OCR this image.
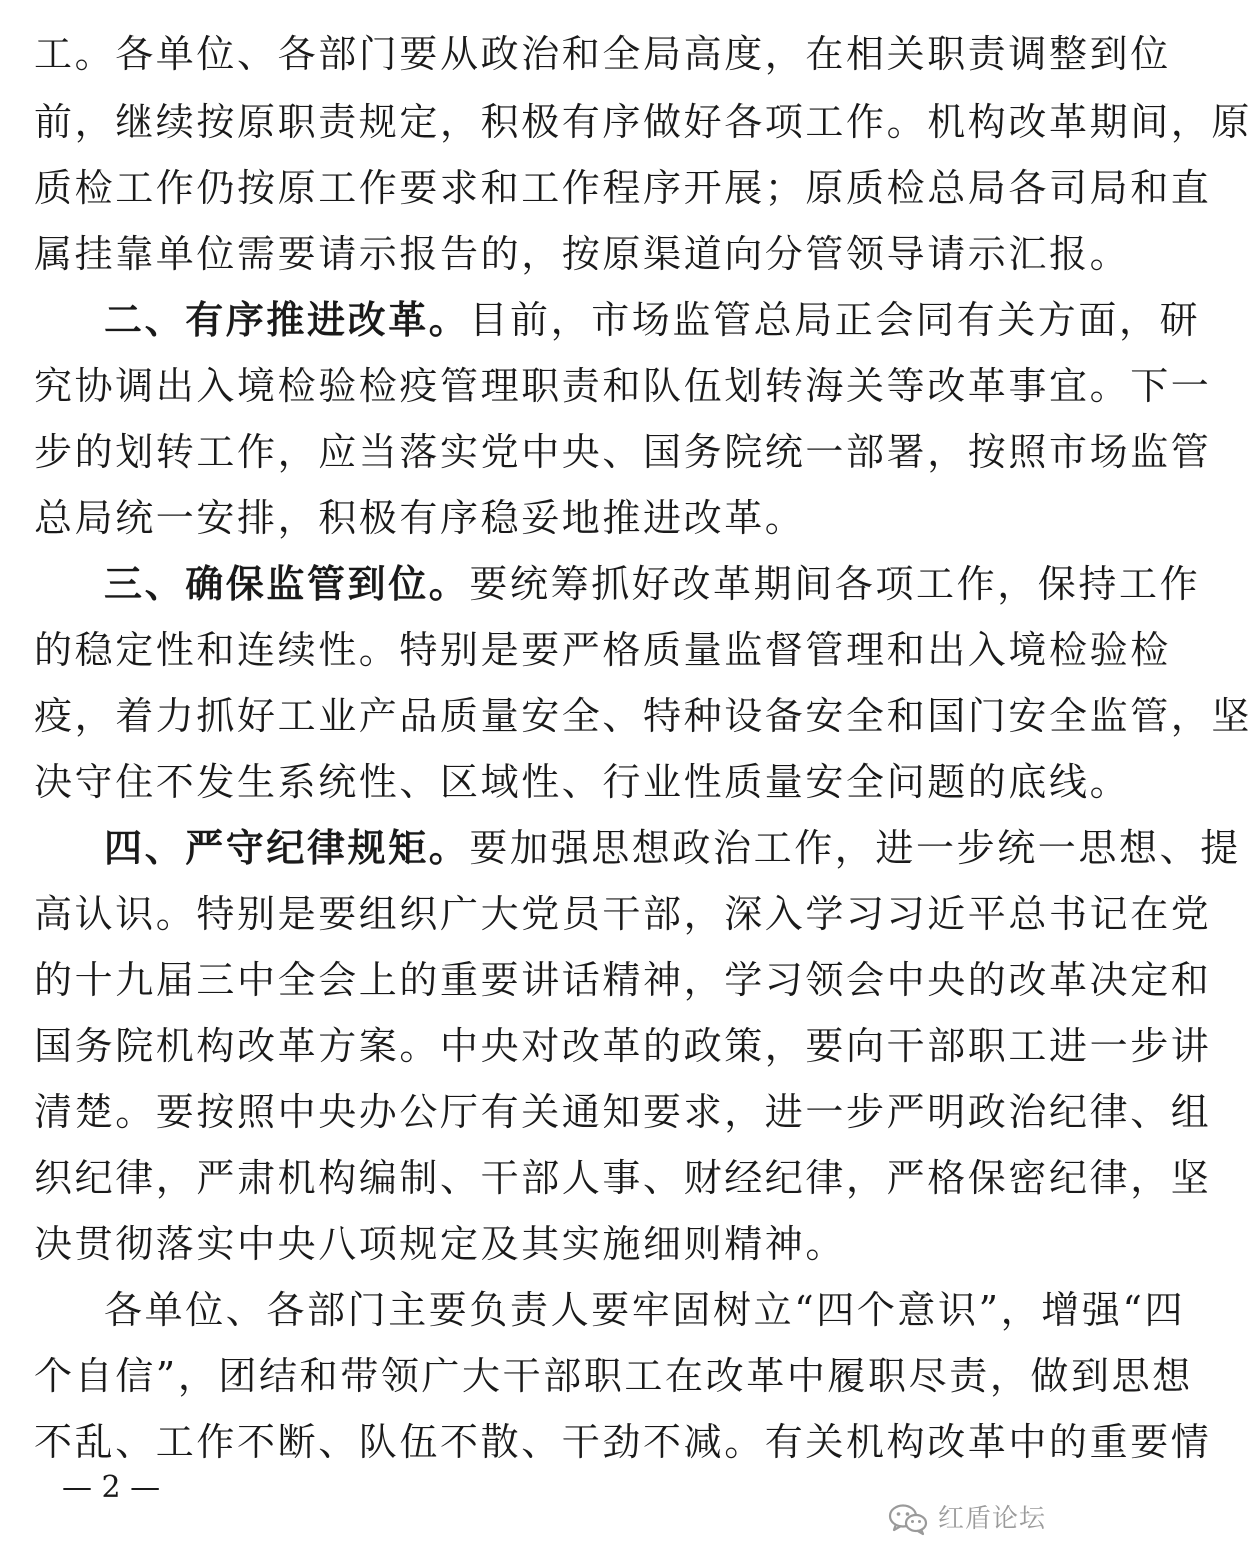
工。各单位、各部门要从政治和全局高度，在相关职责调整到位
前，继续按原职责规定，积极有序做好各项工作。机构改革期间，原
质检工作仍按原工作要求和工作程序开展；原质检总局各司局和直
属挂靠单位需要请示报告的，按原渠道向分管领导请示汇报。
二、有序推进改革。目前，市场监管总局正会同有关方面，研
究协调出入境检验检疫管理职责和队伍划转海关等改革事宜。下一
步的划转工作，应当落实党中央、国务院统一部署，按照市场监管
总局统一安排，积极有序稳妥地推进改革。
三、确保监管到位。要统筹抓好改革期间各项工作，保持工作
的稳定性和连续性。特别是要严格质量监督管理和出入境检验检
疫，着力抓好工业产品质量安全、特种设备安全和国门安全监管，坚
决守住不发生系统性、区域性、行业性质量安全问题的底线。
四、严守纪律规矩。要加强思想政治工作，进一步统一思想、提
高认识。特别是要组织广大党员干部，深入学习习近平总书记在党
的十九届三中全会上的重要讲话精神，学习领会中央的改革决定和
国务院机构改革方案。中央对改革的政策，要向干部职工进一步讲
清楚。要按照中央办公厅有关通知要求，进一步严明政治纪律、组
织纪律，严肃机构编制、干部人事、财经纪律，严格保密纪律，坚
决贯彻落实中央八项规定及其实施细则精神。
各单位、各部门主要负责人要牢固树立“四个意识”，增强“四
个自信”，团结和带领广大干部职工在改革中履职尽责，做到思想
不乱、工作不断、队伍不散、干劲不减。有关机构改革中的重要情
— 2 —
红盾论坛
